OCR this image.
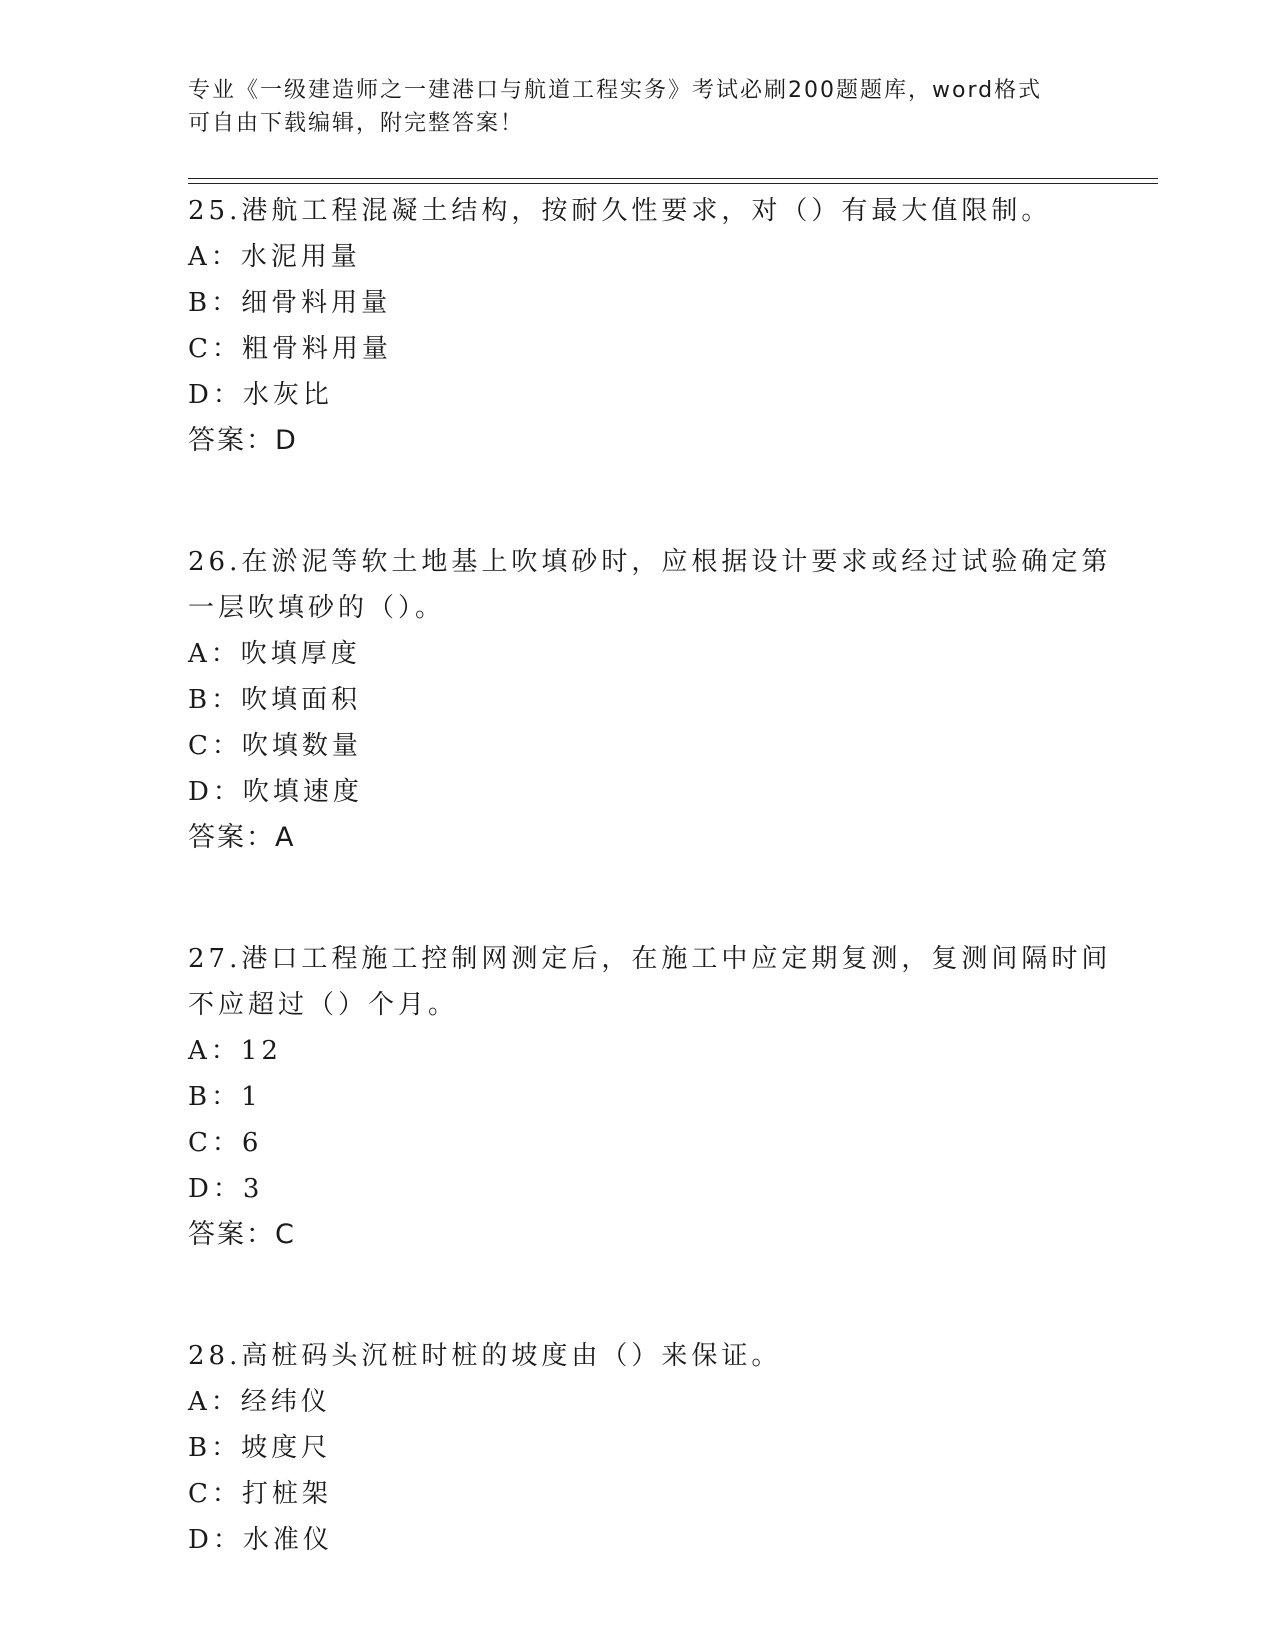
专业《一级建造师之一建港口与航道工程实务》考试必刷200题题库，word格式
可自由下载编辑，附完整答案！
25.港航工程混凝土结构，按耐久性要求，对（）有最大值限制。
A：水泥用量
B：细骨料用量
C：粗骨料用量
D：水灰比
答案：D
26.在淤泥等软土地基上吹填砂时，应根据设计要求或经过试验确定第
一层吹填砂的（）。
A：吹填厚度
B：吹填面积
C：吹填数量
D：吹填速度
答案：A
27.港口工程施工控制网测定后，在施工中应定期复测，复测间隔时间
不应超过（）个月。
A：12
B：1
C：6
D：3
答案：C
28.高桩码头沉桩时桩的坡度由（）来保证。
A：经纬仪
B：坡度尺
C：打桩架
D：水准仪
